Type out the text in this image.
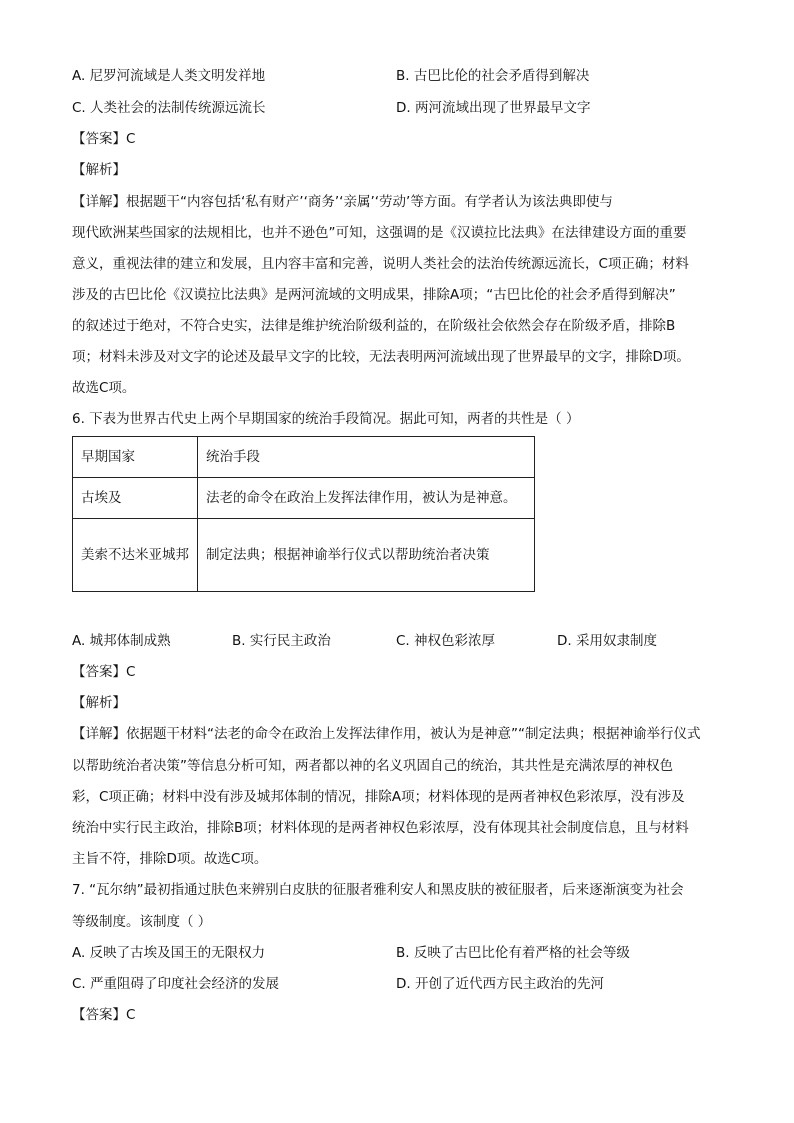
A. 尼罗河流域是人类文明发祥地	B. 古巴比伦的社会矛盾得到解决
C. 人类社会的法制传统源远流长	D. 两河流域出现了世界最早文字
【答案】C
【解析】
【详解】根据题干“内容包括‘私有财产’‘商务’‘亲属’‘劳动’等方面。有学者认为该法典即使与
现代欧洲某些国家的法规相比，也并不逊色”可知，这强调的是《汉谟拉比法典》在法律建设方面的重要
意义，重视法律的建立和发展，且内容丰富和完善，说明人类社会的法治传统源远流长，C项正确；材料
涉及的古巴比伦《汉谟拉比法典》是两河流域的文明成果，排除A项；“古巴比伦的社会矛盾得到解决”
的叙述过于绝对，不符合史实，法律是维护统治阶级利益的，在阶级社会依然会存在阶级矛盾，排除B
项；材料未涉及对文字的论述及最早文字的比较，无法表明两河流域出现了世界最早的文字，排除D项。
故选C项。
6. 下表为世界古代史上两个早期国家的统治手段简况。据此可知，两者的共性是（ ）
早期国家	统治手段
古埃及	法老的命令在政治上发挥法律作用，被认为是神意。
美索不达米亚城邦	制定法典；根据神谕举行仪式以帮助统治者决策
A. 城邦体制成熟	B. 实行民主政治	C. 神权色彩浓厚	D. 采用奴隶制度
【答案】C
【解析】
【详解】依据题干材料“法老的命令在政治上发挥法律作用，被认为是神意”“制定法典；根据神谕举行仪式
以帮助统治者决策”等信息分析可知，两者都以神的名义巩固自己的统治，其共性是充满浓厚的神权色
彩，C项正确；材料中没有涉及城邦体制的情况，排除A项；材料体现的是两者神权色彩浓厚，没有涉及
统治中实行民主政治，排除B项；材料体现的是两者神权色彩浓厚，没有体现其社会制度信息，且与材料
主旨不符，排除D项。故选C项。
7. “瓦尔纳”最初指通过肤色来辨别白皮肤的征服者雅利安人和黑皮肤的被征服者，后来逐渐演变为社会
等级制度。该制度（ ）
A. 反映了古埃及国王的无限权力	B. 反映了古巴比伦有着严格的社会等级
C. 严重阻碍了印度社会经济的发展	D. 开创了近代西方民主政治的先河
【答案】C
